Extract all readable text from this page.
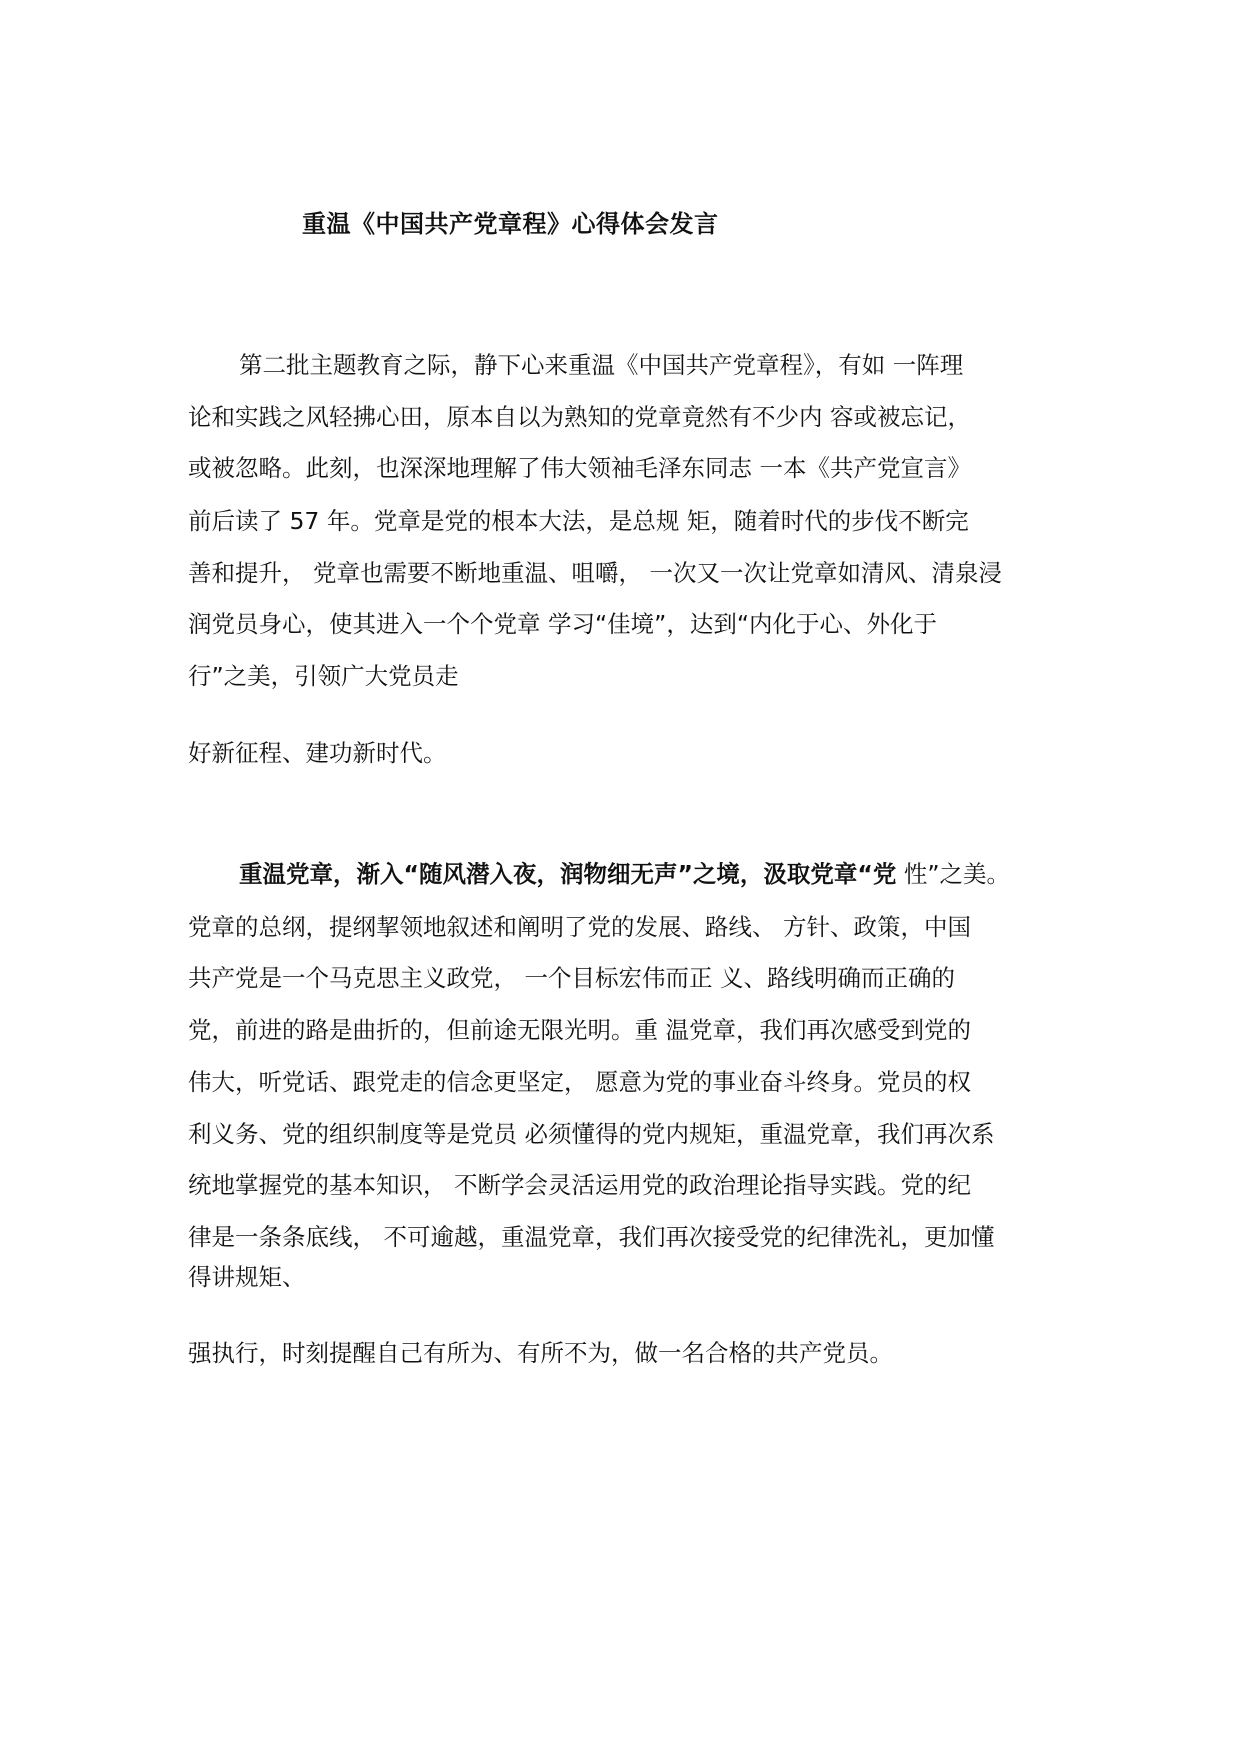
重温《中国共产党章程》心得体会发言
第二批主题教育之际，静下心来重温《中国共产党章程》，有如 一阵理
论和实践之风轻拂心田，原本自以为熟知的党章竟然有不少内 容或被忘记，
或被忽略。此刻，也深深地理解了伟大领袖毛泽东同志 一本《共产党宣言》
前后读了 57 年。党章是党的根本大法，是总规 矩，随着时代的步伐不断完
善和提升， 党章也需要不断地重温、咀嚼， 一次又一次让党章如清风、清泉浸
润党员身心，使其进入一个个党章 学习“佳境”，达到“内化于心、外化于
行”之美，引领广大党员走
好新征程、建功新时代。
重温党章，渐入“随风潜入夜，润物细无声”之境，汲取党章“党 性”之美。
党章的总纲，提纲挈领地叙述和阐明了党的发展、路线、 方针、政策，中国
共产党是一个马克思主义政党， 一个目标宏伟而正 义、路线明确而正确的
党，前进的路是曲折的，但前途无限光明。重 温党章，我们再次感受到党的
伟大，听党话、跟党走的信念更坚定， 愿意为党的事业奋斗终身。党员的权
利义务、党的组织制度等是党员 必须懂得的党内规矩，重温党章，我们再次系
统地掌握党的基本知识， 不断学会灵活运用党的政治理论指导实践。党的纪
律是一条条底线， 不可逾越，重温党章，我们再次接受党的纪律洗礼，更加懂
得讲规矩、
强执行，时刻提醒自己有所为、有所不为，做一名合格的共产党员。
